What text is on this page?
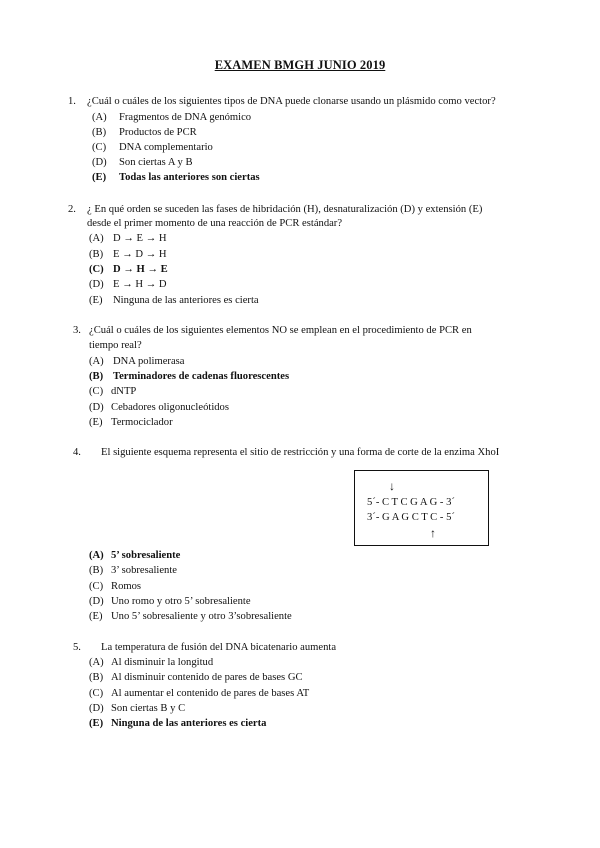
EXAMEN BMGH JUNIO 2019
1. ¿Cuál o cuáles de los siguientes tipos de DNA puede clonarse usando un plásmido como vector?
(A) Fragmentos de DNA genómico
(B) Productos de PCR
(C) DNA complementario
(D) Son ciertas A y B
(E) Todas las anteriores son ciertas
2. ¿ En qué orden se suceden las fases de hibridación (H), desnaturalización (D) y extensión (E)
desde el primer momento de una reacción de PCR estándar?
(A) D → E → H
(B) E → D → H
(C) D → H → E
(D) E → H → D
(E) Ninguna de las anteriores es cierta
3. ¿Cuál o cuáles de los siguientes elementos NO se emplean en el procedimiento de PCR en
tiempo real?
(A) DNA polimerasa
(B) Terminadores de cadenas fluorescentes
(C) dNTP
(D) Cebadores oligonucleótidos
(E) Termociclador
4. El siguiente esquema representa el sitio de restricción y una forma de corte de la enzima XhoI
↓
5´- C T C G A G - 3´
3´- G A G C T C - 5´
↑
(A) 5’ sobresaliente
(B) 3’ sobresaliente
(C) Romos
(D) Uno romo y otro 5’ sobresaliente
(E) Uno 5’ sobresaliente y otro 3’sobresaliente
5. La temperatura de fusión del DNA bicatenario aumenta
(A) Al disminuir la longitud
(B) Al disminuir contenido de pares de bases GC
(C) Al aumentar el contenido de pares de bases AT
(D) Son ciertas B y C
(E) Ninguna de las anteriores es cierta
